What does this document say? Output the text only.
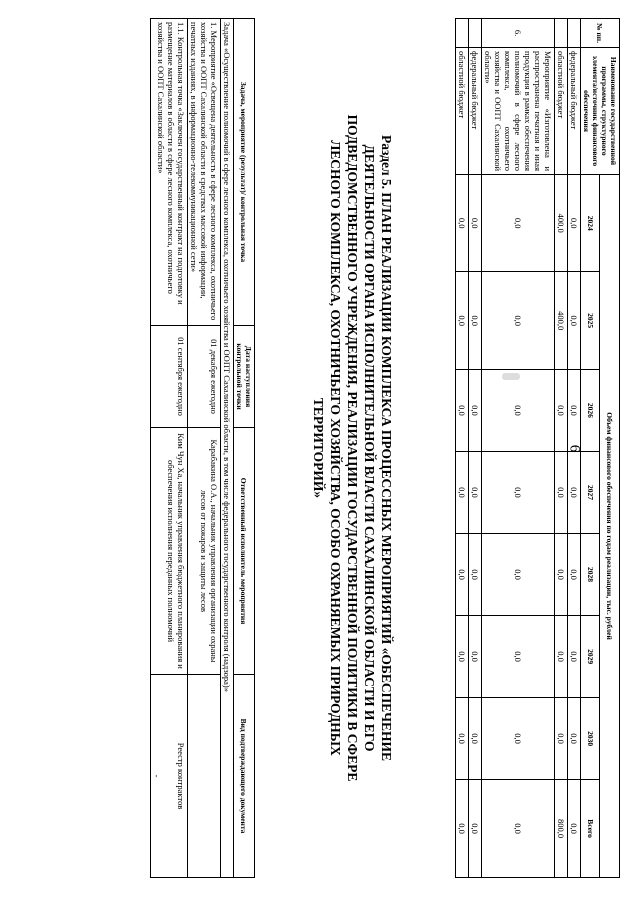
6
№ пп.	Наименование государственной программы, структурного элемента/источник финансового обеспечения	Объем финансового обеспечения по годам реализации, тыс. рублей							
		2024	2025	2026	2027	2028	2029	2030	Всего
	федеральный бюджет	0,0	0,0	0,0	0,0	0,0	0,0	0,0	0,0
	областной бюджет	400,0	400,0	0,0	0,0	0,0	0,0	0,0	800,0
6.	Мероприятие «Изготовлена и распространена печатная и иная продукция в рамках обеспечения полномочий в сфере лесного комплекса, охотничьего хозяйства и ООПТ Сахалинской области»	0,0	0,0	0,0	0,0	0,0	0,0	0,0	0,0
	федеральный бюджет	0,0	0,0	0,0	0,0	0,0	0,0	0,0	0,0
	областной бюджет	0,0	0,0	0,0	0,0	0,0	0,0	0,0	0,0
Раздел 5. ПЛАН РЕАЛИЗАЦИИ КОМПЛЕКСА ПРОЦЕССНЫХ МЕРОПРИЯТИЙ «ОБЕСПЕЧЕНИЕ ДЕЯТЕЛЬНОСТИ ОРГАНА ИСПОЛНИТЕЛЬНОЙ ВЛАСТИ САХАЛИНСКОЙ ОБЛАСТИ И ЕГО ПОДВЕДОМСТВЕННОГО УЧРЕЖДЕНИЯ, РЕАЛИЗАЦИИ ГОСУДАРСТВЕННОЙ ПОЛИТИКИ В СФЕРЕ ЛЕСНОГО КОМПЛЕКСА, ОХОТНИЧЬЕГО ХОЗЯЙСТВА, ОСОБО ОХРАНЯЕМЫХ ПРИРОДНЫХ ТЕРРИТОРИЙ»
Задача, мероприятие (результат)/ контрольная точка	Дата наступления контрольной точки	Ответственный исполнитель мероприятия	Вид подтверждающего документа
Задача «Осуществление полномочий в сфере лесного комплекса, охотничьего хозяйства и ООПТ Сахалинской области, в том числе федерального государственного контроля (надзора)»			
1. Мероприятие «Освещена деятельность в сфере лесного комплекса, охотничьего хозяйства и ООПТ Сахалинской области в средствах массовой информации, печатных изданиях, в информационно-телекоммуникационной сети»	01 декабря ежегодно	Карабакина О.А., начальник управления организации охраны лесов от пожаров и защиты лесов	
1.1. Контрольная точка «Заключен государственный контракт на подготовку и размещение материалов в области в сфере лесного комплекса, охотничьего хозяйства и ООПТ Сахалинской области»	01 сентября ежегодно	Ким Чун Ха, начальник управления бюджетного планирования и обеспечения исполнения переданных полномочий	Реестр контрактов
-
